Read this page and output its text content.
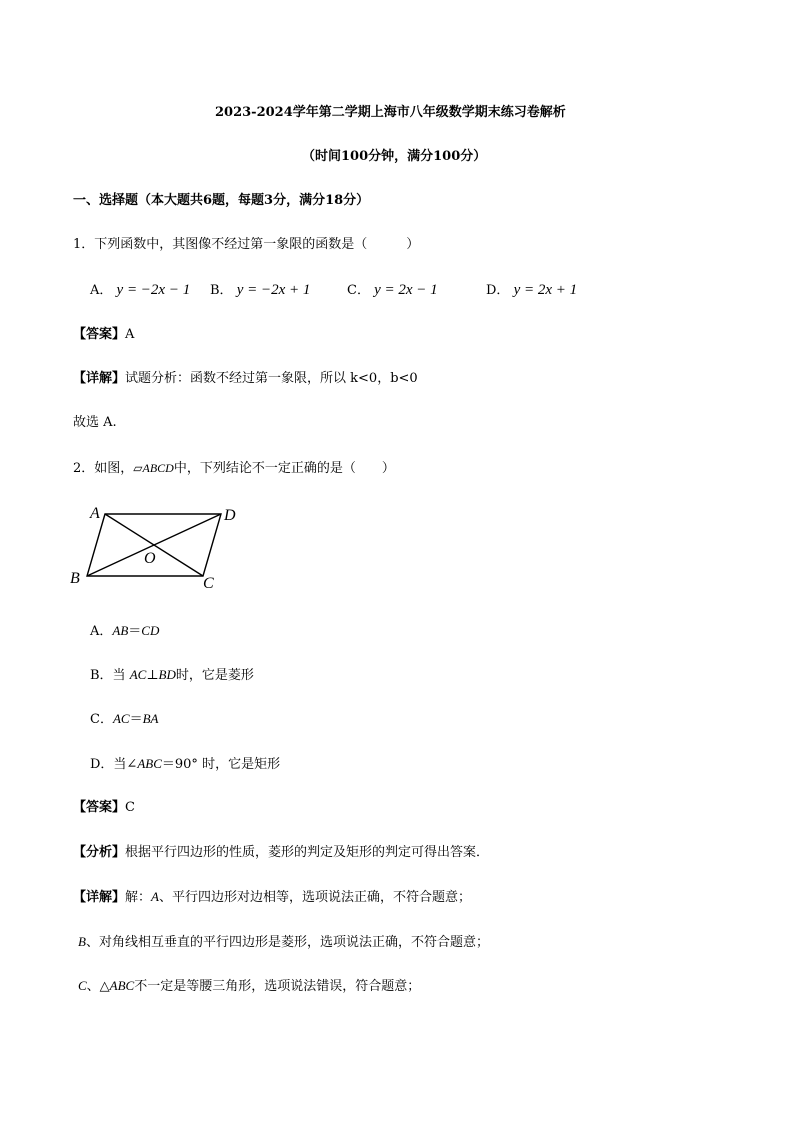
2023-2024学年第二学期上海市八年级数学期末练习卷解析
（时间100分钟，满分100分）
一、选择题（本大题共6题，每题3分，满分18分）
1．下列函数中，其图像不经过第一象限的函数是（　　　）
A． y = −2x − 1 B． y = −2x + 1	C． y = 2x − 1	D． y = 2x + 1
【答案】A
【详解】试题分析：函数不经过第一象限，所以 k<0，b<0
故选 A.
2．如图，▱ABCD中，下列结论不一定正确的是（　　）
A	D
B	C
O
A．AB＝CD
B．当 AC⊥BD时，它是菱形
C．AC＝BA
D．当∠ABC＝90° 时，它是矩形
【答案】C
【分析】根据平行四边形的性质，菱形的判定及矩形的判定可得出答案．
【详解】解：A、平行四边形对边相等，选项说法正确，不符合题意；
B、对角线相互垂直的平行四边形是菱形，选项说法正确，不符合题意；
C、△ABC不一定是等腰三角形，选项说法错误，符合题意；
